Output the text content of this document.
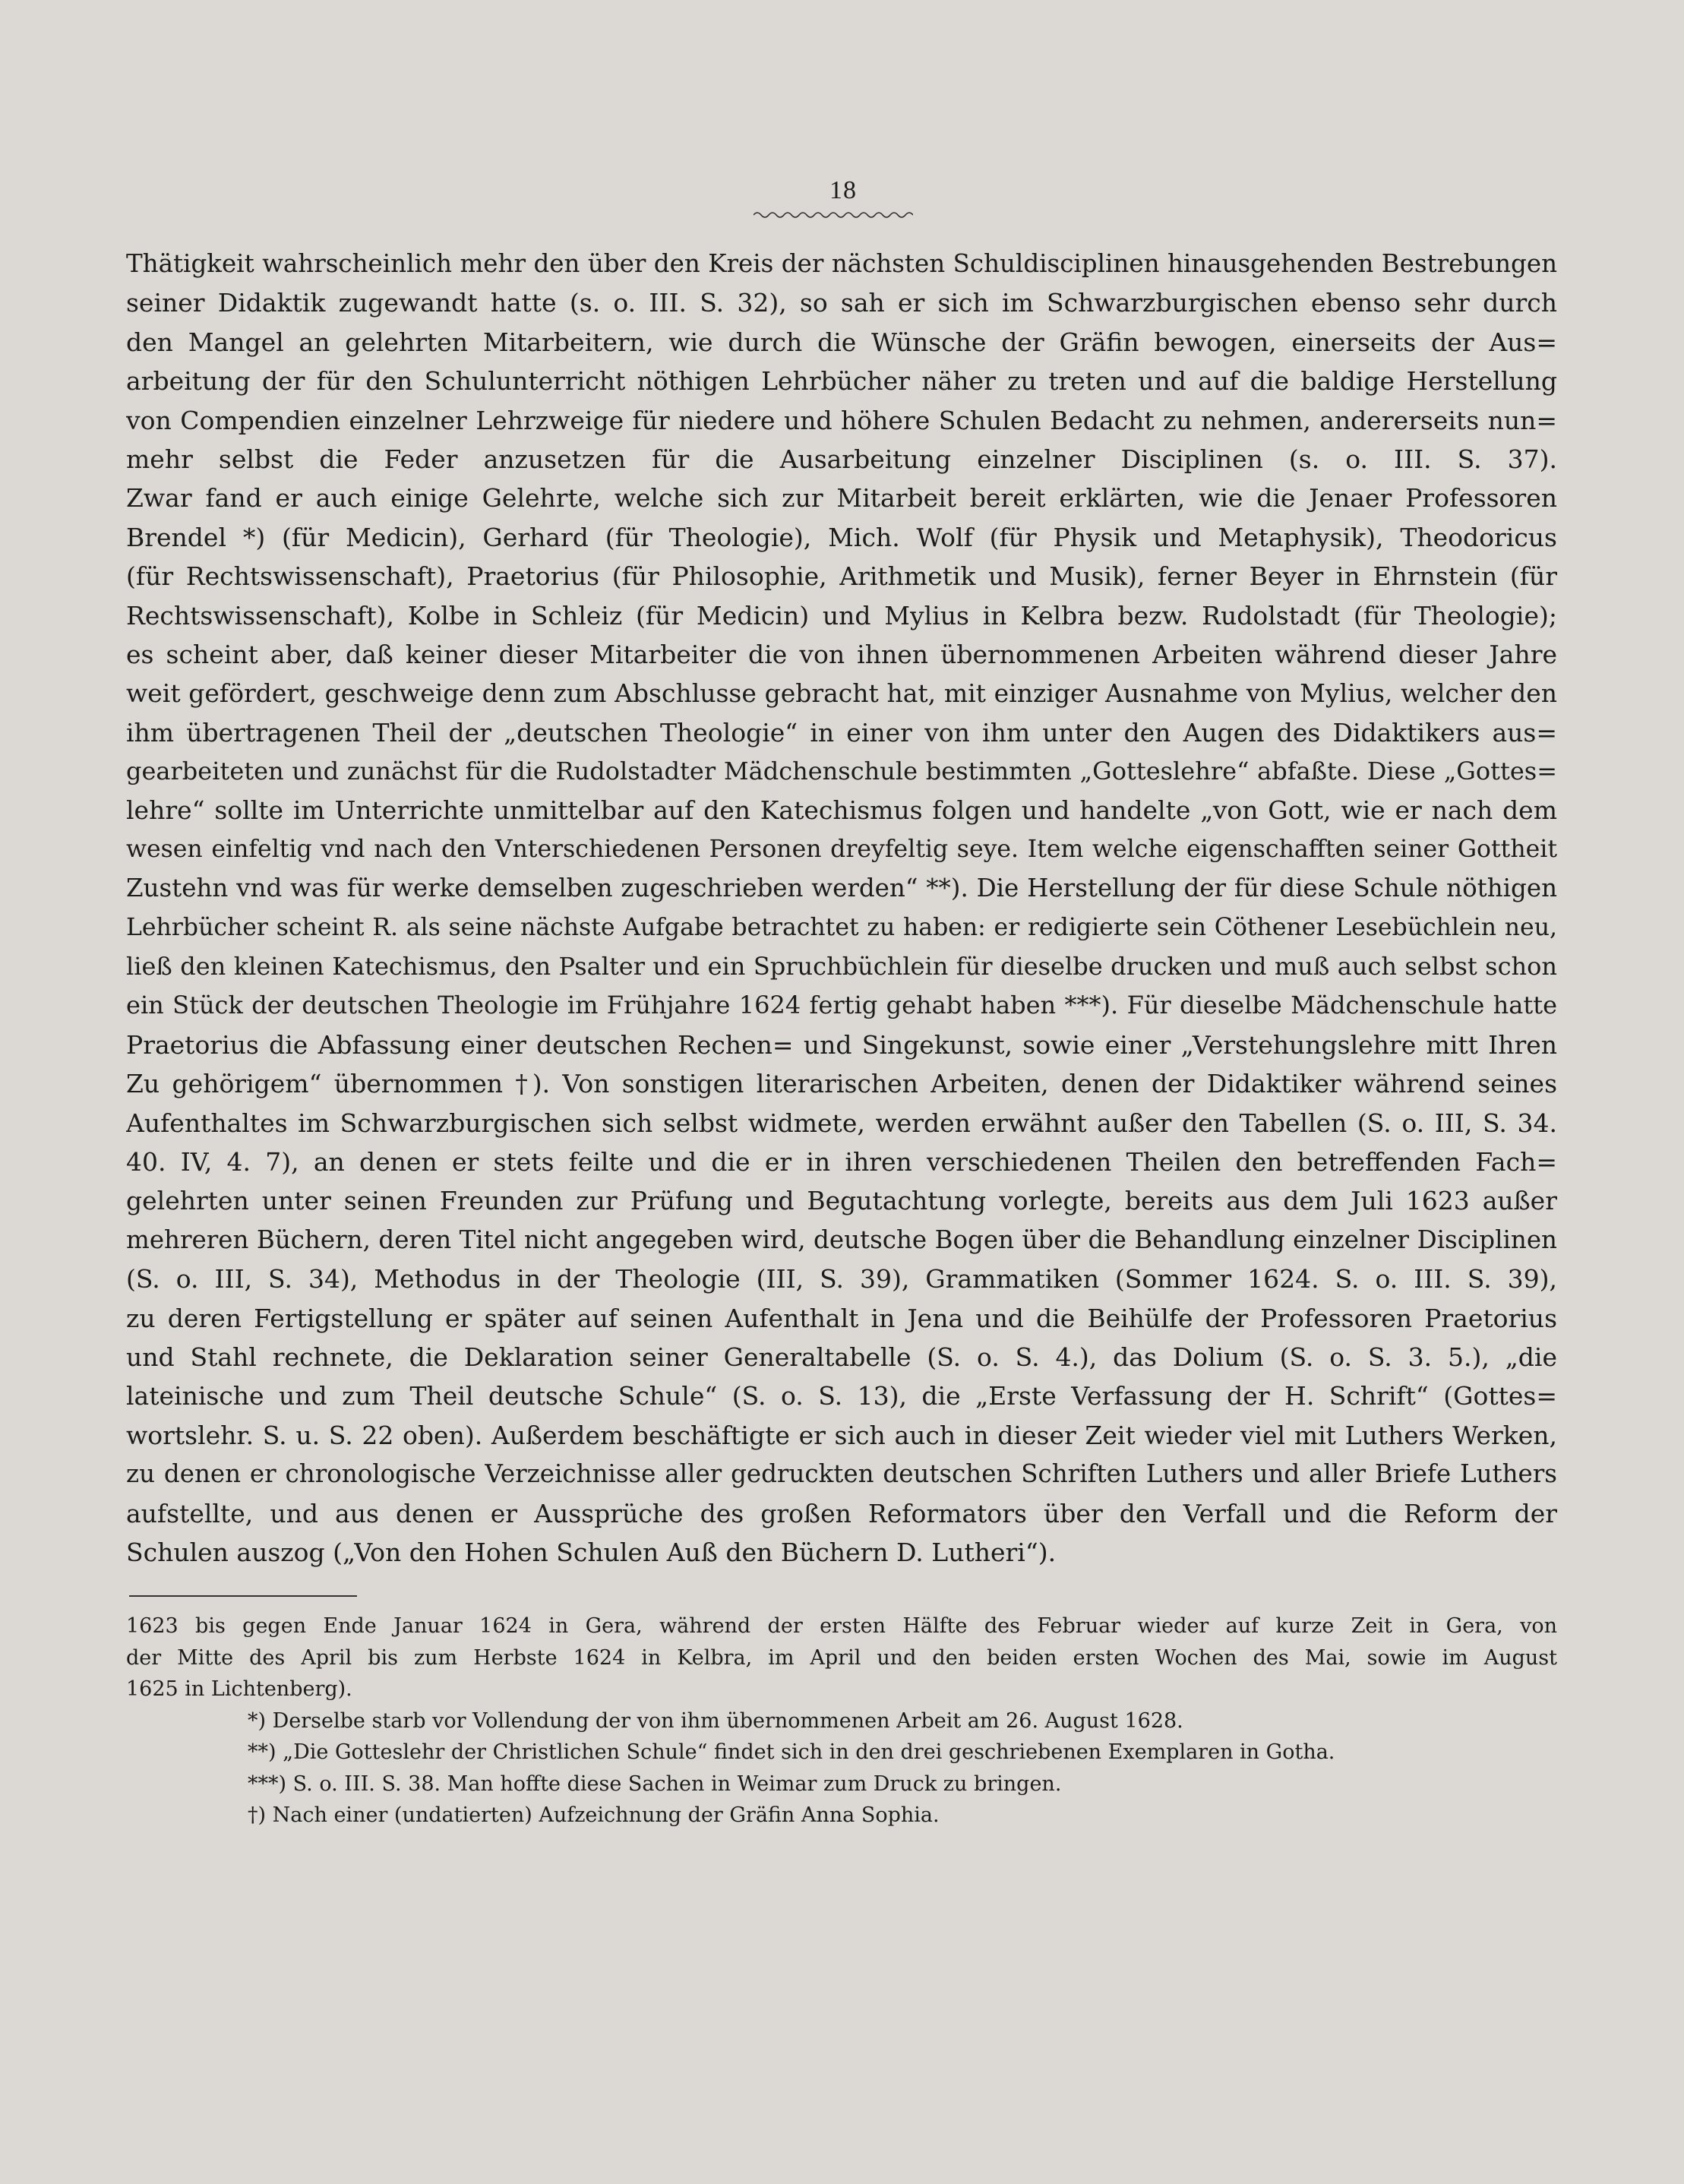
18
Thätigkeit wahrscheinlich mehr den über den Kreis der nächsten Schuldisciplinen hinausgehenden Bestrebungen
seiner Didaktik zugewandt hatte (s. o. III. S. 32), so sah er sich im Schwarzburgischen ebenso sehr durch
den Mangel an gelehrten Mitarbeitern, wie durch die Wünsche der Gräfin bewogen, einerseits der Aus=
arbeitung der für den Schulunterricht nöthigen Lehrbücher näher zu treten und auf die baldige Herstellung
von Compendien einzelner Lehrzweige für niedere und höhere Schulen Bedacht zu nehmen, andererseits nun=
mehr selbst die Feder anzusetzen für die Ausarbeitung einzelner Disciplinen (s. o. III. S. 37).
Zwar fand er auch einige Gelehrte, welche sich zur Mitarbeit bereit erklärten, wie die Jenaer Professoren
Brendel *) (für Medicin), Gerhard (für Theologie), Mich. Wolf (für Physik und Metaphysik), Theodoricus
(für Rechtswissenschaft), Praetorius (für Philosophie, Arithmetik und Musik), ferner Beyer in Ehrnstein (für
Rechtswissenschaft), Kolbe in Schleiz (für Medicin) und Mylius in Kelbra bezw. Rudolstadt (für Theologie);
es scheint aber, daß keiner dieser Mitarbeiter die von ihnen übernommenen Arbeiten während dieser Jahre
weit gefördert, geschweige denn zum Abschlusse gebracht hat, mit einziger Ausnahme von Mylius, welcher den
ihm übertragenen Theil der „deutschen Theologie“ in einer von ihm unter den Augen des Didaktikers aus=
gearbeiteten und zunächst für die Rudolstadter Mädchenschule bestimmten „Gotteslehre“ abfaßte. Diese „Gottes=
lehre“ sollte im Unterrichte unmittelbar auf den Katechismus folgen und handelte „von Gott, wie er nach dem
wesen einfeltig vnd nach den Vnterschiedenen Personen dreyfeltig seye. Item welche eigenschafften seiner Gottheit
Zustehn vnd was für werke demselben zugeschrieben werden“ **). Die Herstellung der für diese Schule nöthigen
Lehrbücher scheint R. als seine nächste Aufgabe betrachtet zu haben: er redigierte sein Cöthener Lesebüchlein neu,
ließ den kleinen Katechismus, den Psalter und ein Spruchbüchlein für dieselbe drucken und muß auch selbst schon
ein Stück der deutschen Theologie im Frühjahre 1624 fertig gehabt haben ***). Für dieselbe Mädchenschule hatte
Praetorius die Abfassung einer deutschen Rechen= und Singekunst, sowie einer „Verstehungslehre mitt Ihren
Zu gehörigem“ übernommen †). Von sonstigen literarischen Arbeiten, denen der Didaktiker während seines
Aufenthaltes im Schwarzburgischen sich selbst widmete, werden erwähnt außer den Tabellen (S. o. III, S. 34.
40. IV, 4. 7), an denen er stets feilte und die er in ihren verschiedenen Theilen den betreffenden Fach=
gelehrten unter seinen Freunden zur Prüfung und Begutachtung vorlegte, bereits aus dem Juli 1623 außer
mehreren Büchern, deren Titel nicht angegeben wird, deutsche Bogen über die Behandlung einzelner Disciplinen
(S. o. III, S. 34), Methodus in der Theologie (III, S. 39), Grammatiken (Sommer 1624. S. o. III. S. 39),
zu deren Fertigstellung er später auf seinen Aufenthalt in Jena und die Beihülfe der Professoren Praetorius
und Stahl rechnete, die Deklaration seiner Generaltabelle (S. o. S. 4.), das Dolium (S. o. S. 3. 5.), „die
lateinische und zum Theil deutsche Schule“ (S. o. S. 13), die „Erste Verfassung der H. Schrift“ (Gottes=
wortslehr. S. u. S. 22 oben). Außerdem beschäftigte er sich auch in dieser Zeit wieder viel mit Luthers Werken,
zu denen er chronologische Verzeichnisse aller gedruckten deutschen Schriften Luthers und aller Briefe Luthers
aufstellte, und aus denen er Aussprüche des großen Reformators über den Verfall und die Reform der
Schulen auszog („Von den Hohen Schulen Auß den Büchern D. Lutheri“).
1623 bis gegen Ende Januar 1624 in Gera, während der ersten Hälfte des Februar wieder auf kurze Zeit in Gera, von
der Mitte des April bis zum Herbste 1624 in Kelbra, im April und den beiden ersten Wochen des Mai, sowie im August
1625 in Lichtenberg).
*) Derselbe starb vor Vollendung der von ihm übernommenen Arbeit am 26. August 1628.
**) „Die Gotteslehr der Christlichen Schule“ findet sich in den drei geschriebenen Exemplaren in Gotha.
***) S. o. III. S. 38. Man hoffte diese Sachen in Weimar zum Druck zu bringen.
†) Nach einer (undatierten) Aufzeichnung der Gräfin Anna Sophia.
